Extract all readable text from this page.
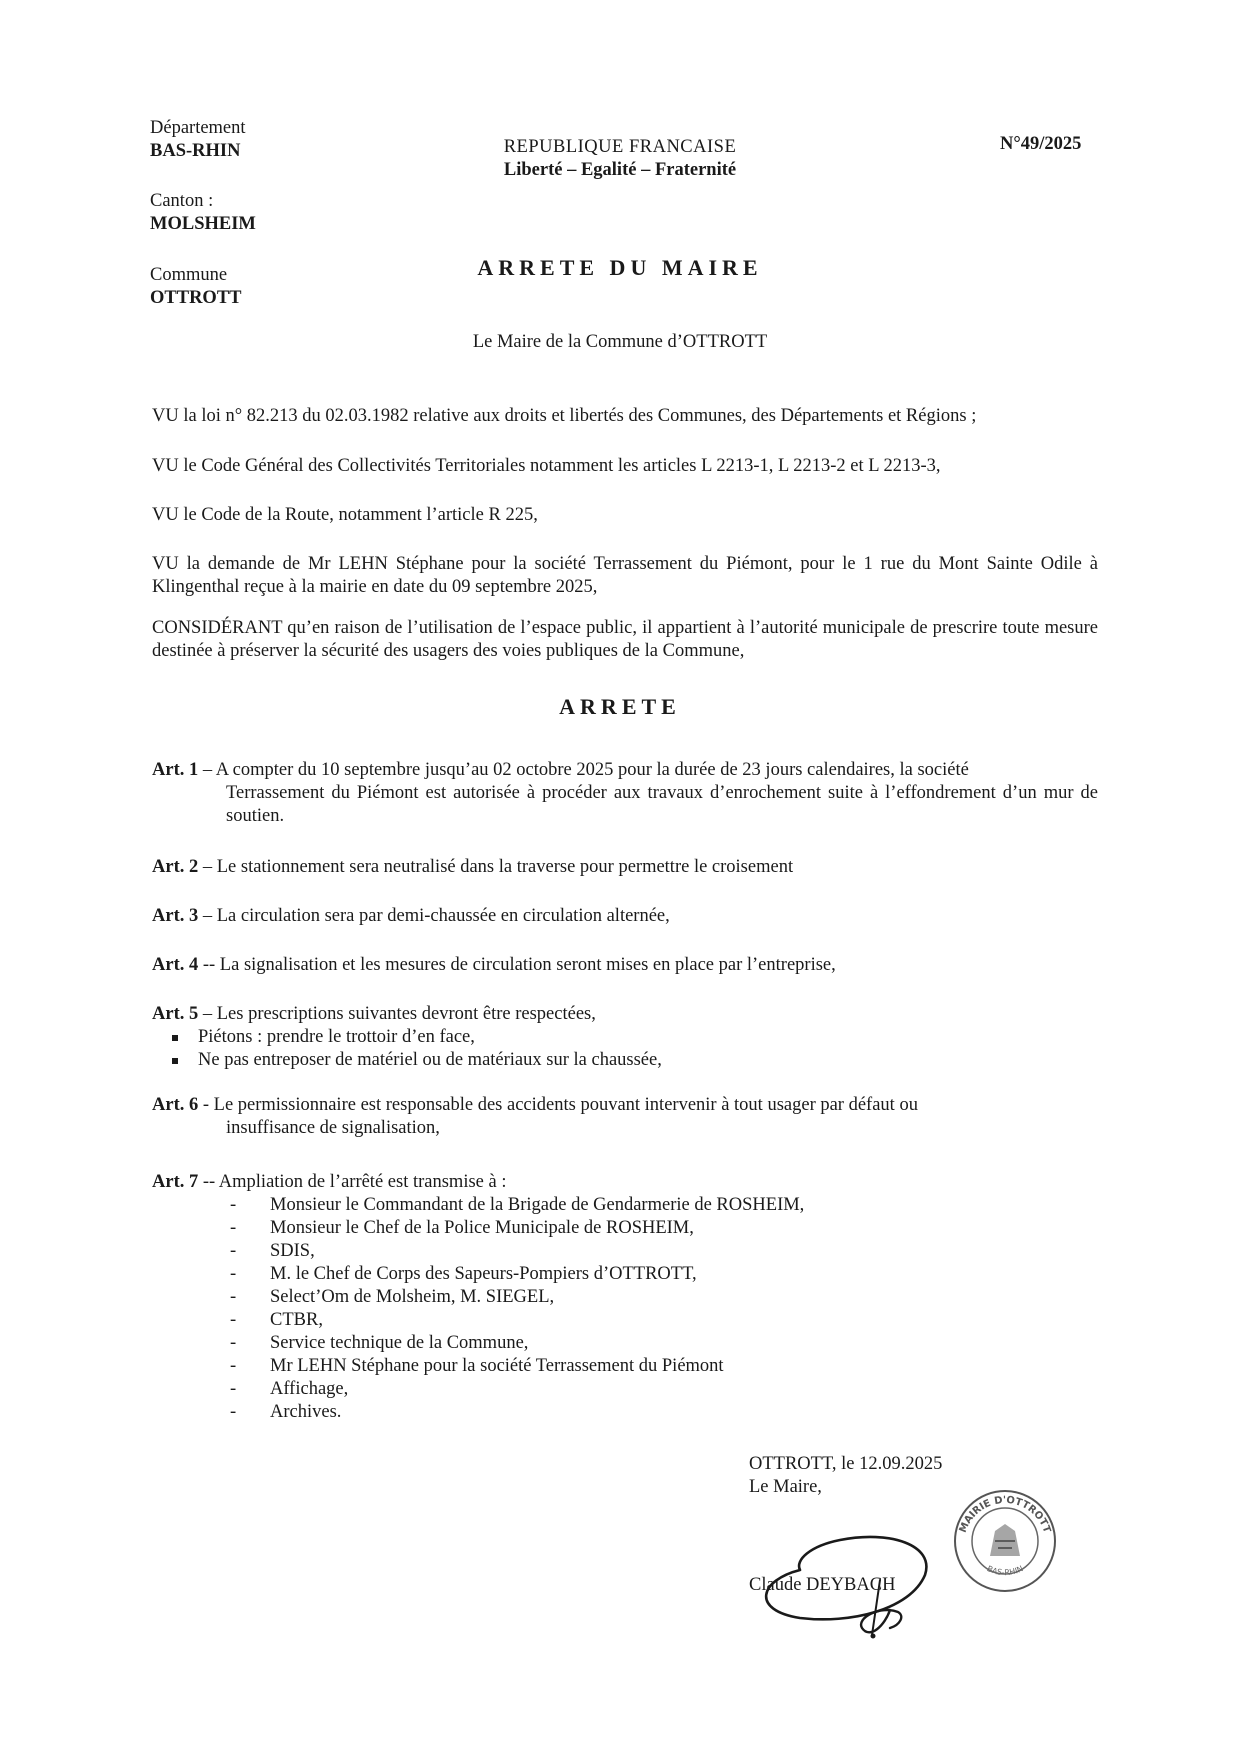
Département
BAS-RHIN
Canton :
MOLSHEIM
Commune
OTTROTT
REPUBLIQUE FRANCAISE
Liberté – Egalité – Fraternité
N°49/2025
ARRETE DU MAIRE
Le Maire de la Commune d’OTTROTT
VU la loi n° 82.213 du 02.03.1982 relative aux droits et libertés des Communes, des Départements et Régions ;
VU le Code Général des Collectivités Territoriales notamment les articles L 2213-1, L 2213-2 et L 2213-3,
VU le Code de la Route, notamment l’article R 225,
VU la demande de Mr LEHN Stéphane pour la société Terrassement du Piémont, pour le 1 rue du Mont Sainte Odile à Klingenthal reçue à la mairie en date du 09 septembre 2025,
CONSIDÉRANT qu’en raison de l’utilisation de l’espace public, il appartient à l’autorité municipale de prescrire toute mesure destinée à préserver la sécurité des usagers des voies publiques de la Commune,
ARRETE
Art. 1 – A compter du 10 septembre jusqu’au 02 octobre 2025 pour la durée de 23 jours calendaires, la société
Terrassement du Piémont est autorisée à procéder aux travaux d’enrochement suite à l’effondrement d’un mur de soutien.
Art. 2 – Le stationnement sera neutralisé dans la traverse pour permettre le croisement
Art. 3 – La circulation sera par demi-chaussée en circulation alternée,
Art. 4 -- La signalisation et les mesures de circulation seront mises en place par l’entreprise,
Art. 5 – Les prescriptions suivantes devront être respectées,
Piétons : prendre le trottoir d’en face,
Ne pas entreposer de matériel ou de matériaux sur la chaussée,
Art. 6 - Le permissionnaire est responsable des accidents pouvant intervenir à tout usager par défaut ou
insuffisance de signalisation,
Art. 7 -- Ampliation de l’arrêté est transmise à :
- Monsieur le Commandant de la Brigade de Gendarmerie de ROSHEIM,
- Monsieur le Chef de la Police Municipale de ROSHEIM,
- SDIS,
- M. le Chef de Corps des Sapeurs-Pompiers d’OTTROTT,
- Select’Om de Molsheim, M. SIEGEL,
- CTBR,
- Service technique de la Commune,
- Mr LEHN Stéphane pour la société Terrassement du Piémont
- Affichage,
- Archives.
OTTROTT, le 12.09.2025
Le Maire,
Claude DEYBACH
MAIRIE D'OTTROTT
BAS-RHIN
